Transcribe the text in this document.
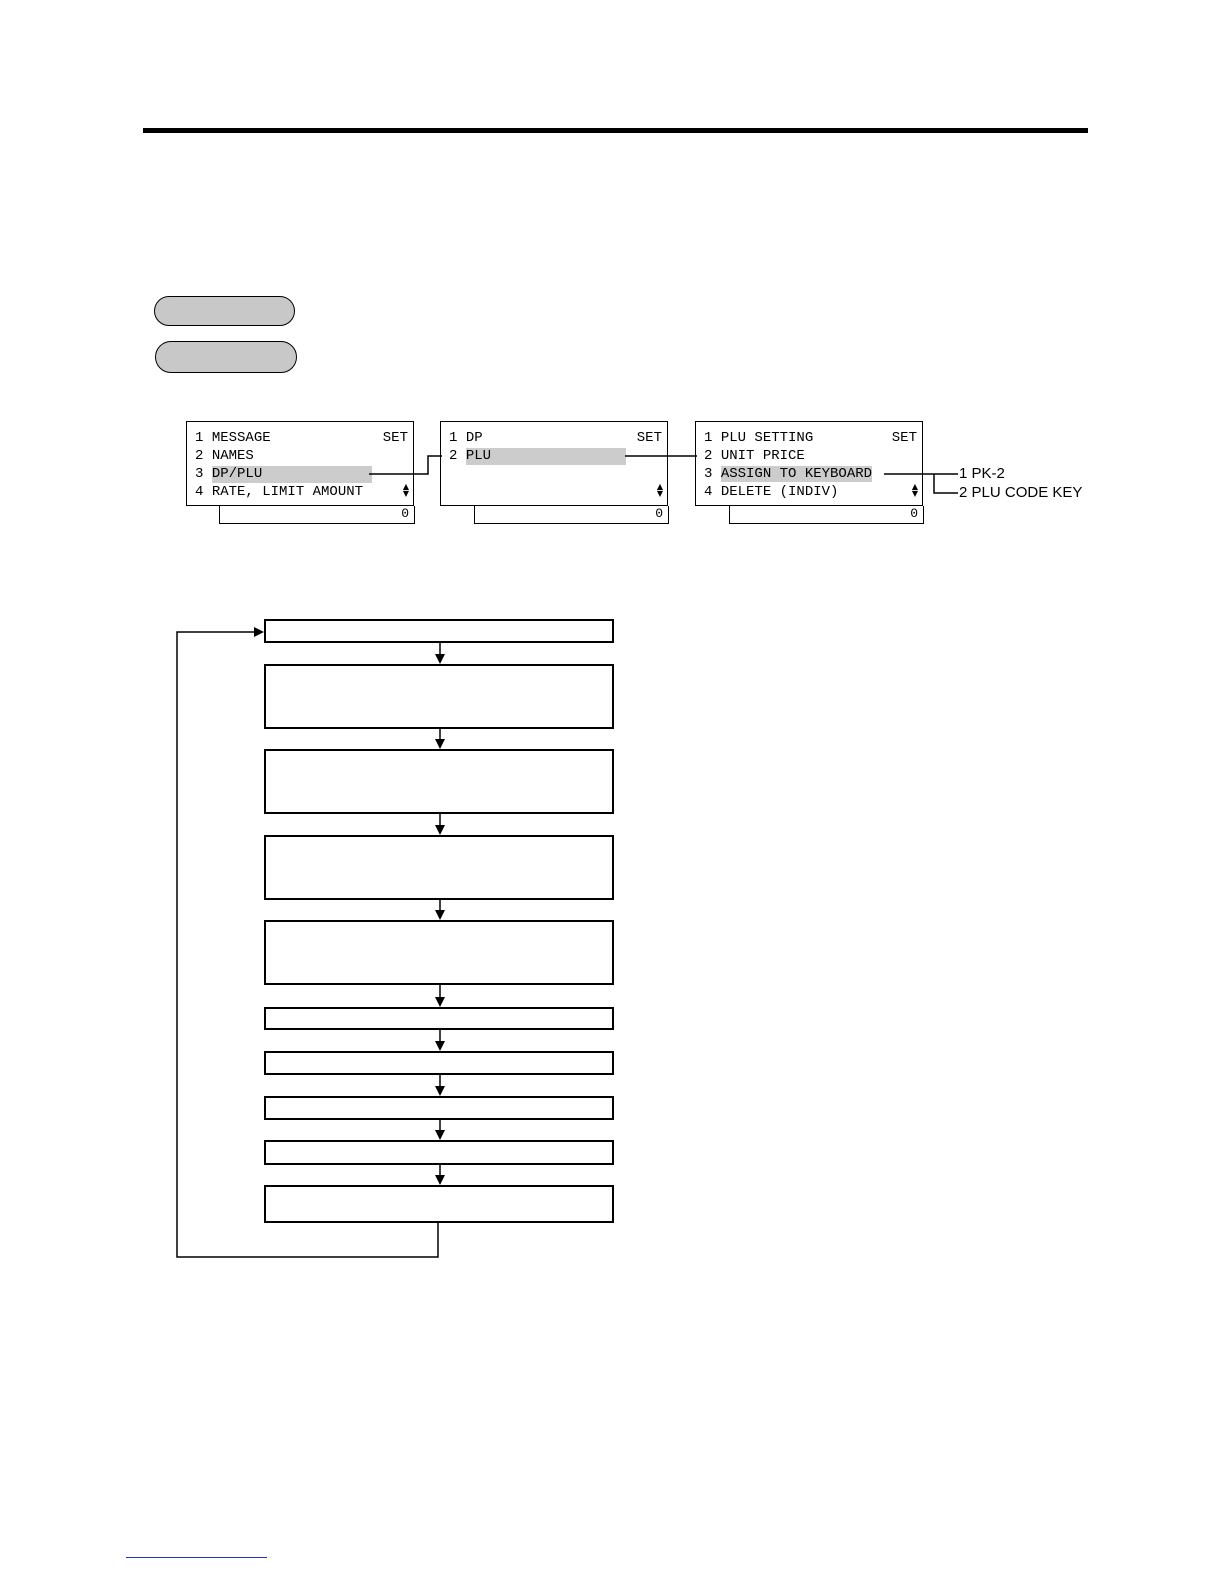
1 MESSAGE	SET
2 NAMES
3 DP/PLU
4 RATE, LIMIT AMOUNT	▲
▼
0
1 DP	SET
2 PLU
▲
▼
0
1 PLU SETTING	SET
2 UNIT PRICE
3 ASSIGN TO KEYBOARD
4 DELETE (INDIV)	▲
▼
0
1 PK-2
2 PLU CODE KEY
